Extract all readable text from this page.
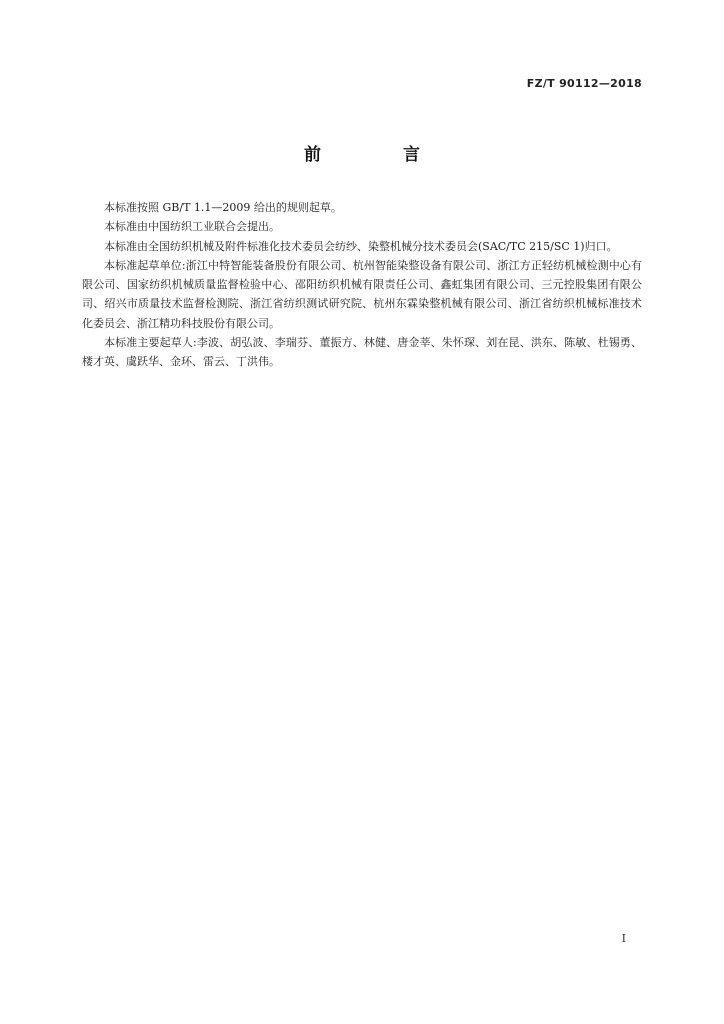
FZ/T 90112—2018
前 言

本标准按照 GB/T 1.1—2009 给出的规则起草。

本标准由中国纺织工业联合会提出。

本标准由全国纺织机械及附件标准化技术委员会纺纱、染整机械分技术委员会(SAC/TC 215/SC 1)归口。

本标准起草单位:浙江中特智能装备股份有限公司、杭州智能染整设备有限公司、浙江方正轻纺机械检测中心有限公司、国家纺织机械质量监督检验中心、邵阳纺织机械有限责任公司、鑫虹集团有限公司、三元控股集团有限公司、绍兴市质量技术监督检测院、浙江省纺织测试研究院、杭州东霖染整机械有限公司、浙江省纺织机械标准技术化委员会、浙江精功科技股份有限公司。

本标准主要起草人:李波、胡弘波、李瑞芬、董振方、林健、唐金莘、朱怀琛、刘在昆、洪东、陈敏、杜锡勇、楼才英、虞跃华、金环、雷云、丁洪伟。

I
